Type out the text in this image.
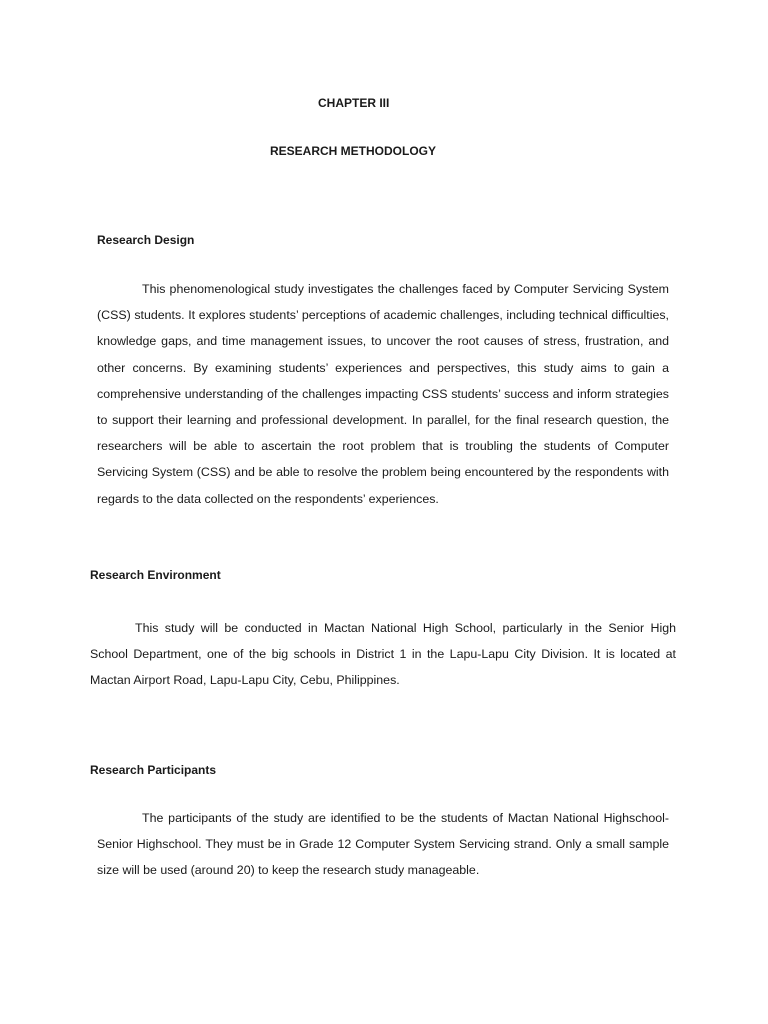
CHAPTER III
RESEARCH METHODOLOGY
Research Design

This phenomenological study investigates the challenges faced by Computer Servicing System (CSS) students. It explores students’ perceptions of academic challenges, including technical difficulties, knowledge gaps, and time management issues, to uncover the root causes of stress, frustration, and other concerns. By examining students’ experiences and perspectives, this study aims to gain a comprehensive understanding of the challenges impacting CSS students’ success and inform strategies to support their learning and professional development. In parallel, for the final research question, the researchers will be able to ascertain the root problem that is troubling the students of Computer Servicing System (CSS) and be able to resolve the problem being encountered by the respondents with regards to the data collected on the respondents’ experiences.

Research Environment

This study will be conducted in Mactan National High School, particularly in the Senior High School Department, one of the big schools in District 1 in the Lapu-Lapu City Division. It is located at Mactan Airport Road, Lapu-Lapu City, Cebu, Philippines.

Research Participants

The participants of the study are identified to be the students of Mactan National Highschool-Senior Highschool. They must be in Grade 12 Computer System Servicing strand. Only a small sample size will be used (around 20) to keep the research study manageable.
